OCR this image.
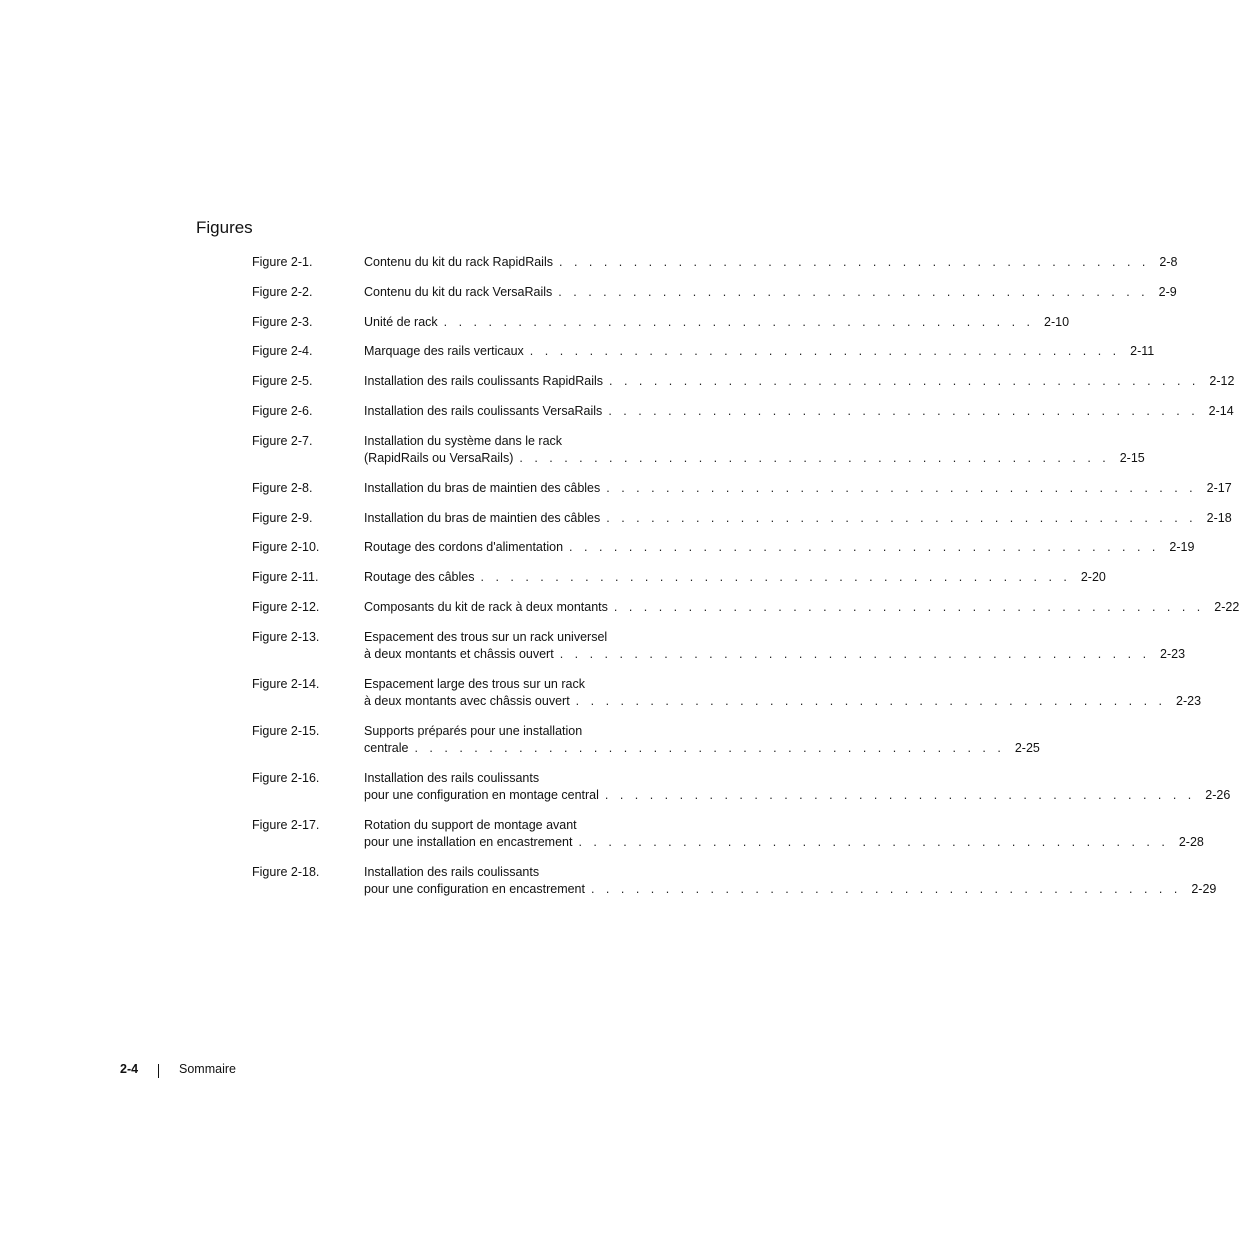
Figures
Figure 2-1.	Contenu du kit du rack RapidRails . . . . . . . . . . . . . . . . . . . . . . . . . . . . . . . . . . . . . . . . 2-8
Figure 2-2.	Contenu du kit du rack VersaRails . . . . . . . . . . . . . . . . . . . . . . . . . . . . . . . . . . . . . . . . 2-9
Figure 2-3.	Unité de rack . . . . . . . . . . . . . . . . . . . . . . . . . . . . . . . . . . . . . . . . 2-10
Figure 2-4.	Marquage des rails verticaux . . . . . . . . . . . . . . . . . . . . . . . . . . . . . . . . . . . . . . . . 2-11
Figure 2-5.	Installation des rails coulissants RapidRails . . . . . . . . . . . . . . . . . . . . . . . . . . . . . . . . . . . . . . . . 2-12
Figure 2-6.	Installation des rails coulissants VersaRails . . . . . . . . . . . . . . . . . . . . . . . . . . . . . . . . . . . . . . . . 2-14
Figure 2-7.	Installation du système dans le rack
(RapidRails ou VersaRails) . . . . . . . . . . . . . . . . . . . . . . . . . . . . . . . . . . . . . . . . 2-15
Figure 2-8.	Installation du bras de maintien des câbles . . . . . . . . . . . . . . . . . . . . . . . . . . . . . . . . . . . . . . . . 2-17
Figure 2-9.	Installation du bras de maintien des câbles . . . . . . . . . . . . . . . . . . . . . . . . . . . . . . . . . . . . . . . . 2-18
Figure 2-10.	Routage des cordons d'alimentation . . . . . . . . . . . . . . . . . . . . . . . . . . . . . . . . . . . . . . . . 2-19
Figure 2-11.	Routage des câbles . . . . . . . . . . . . . . . . . . . . . . . . . . . . . . . . . . . . . . . . 2-20
Figure 2-12.	Composants du kit de rack à deux montants . . . . . . . . . . . . . . . . . . . . . . . . . . . . . . . . . . . . . . . . 2-22
Figure 2-13.	Espacement des trous sur un rack universel
à deux montants et châssis ouvert . . . . . . . . . . . . . . . . . . . . . . . . . . . . . . . . . . . . . . . . 2-23
Figure 2-14.	Espacement large des trous sur un rack
à deux montants avec châssis ouvert . . . . . . . . . . . . . . . . . . . . . . . . . . . . . . . . . . . . . . . . 2-23
Figure 2-15.	Supports préparés pour une installation
centrale . . . . . . . . . . . . . . . . . . . . . . . . . . . . . . . . . . . . . . . . 2-25
Figure 2-16.	Installation des rails coulissants
pour une configuration en montage central . . . . . . . . . . . . . . . . . . . . . . . . . . . . . . . . . . . . . . . . 2-26
Figure 2-17.	Rotation du support de montage avant
pour une installation en encastrement . . . . . . . . . . . . . . . . . . . . . . . . . . . . . . . . . . . . . . . . 2-28
Figure 2-18.	Installation des rails coulissants
pour une configuration en encastrement . . . . . . . . . . . . . . . . . . . . . . . . . . . . . . . . . . . . . . . . 2-29
2-4	Sommaire
